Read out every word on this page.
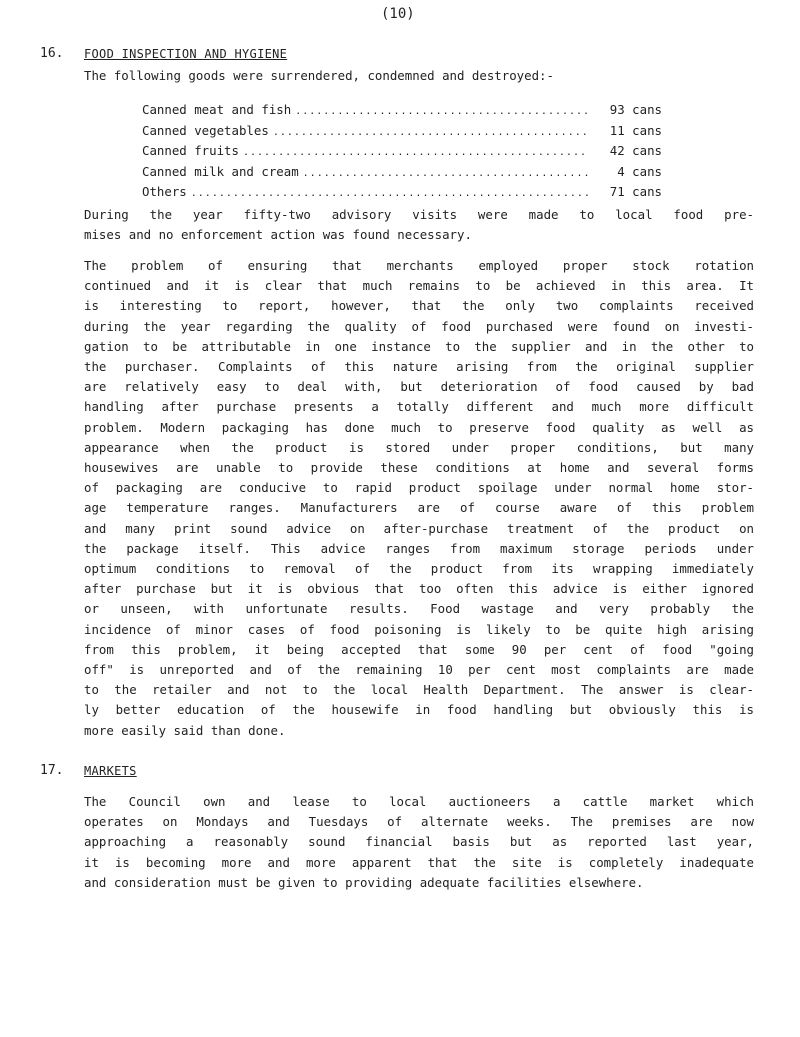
(10)
16. FOOD INSPECTION AND HYGIENE

The following goods were surrendered, condemned and destroyed:-

Canned meat and fish .....	93 cans
Canned vegetables .....	11 cans
Canned fruits .....	42 cans
Canned milk and cream .....	4 cans
Others .....	71 cans
During the year fifty-two advisory visits were made to local food pre-
mises and no enforcement action was found necessary.
The problem of ensuring that merchants employed proper stock rotation
continued and it is clear that much remains to be achieved in this area. It
is interesting to report, however, that the only two complaints received
during the year regarding the quality of food purchased were found on investi-
gation to be attributable in one instance to the supplier and in the other to
the purchaser. Complaints of this nature arising from the original supplier
are relatively easy to deal with, but deterioration of food caused by bad
handling after purchase presents a totally different and much more difficult
problem. Modern packaging has done much to preserve food quality as well as
appearance when the product is stored under proper conditions, but many
housewives are unable to provide these conditions at home and several forms
of packaging are conducive to rapid product spoilage under normal home stor-
age temperature ranges. Manufacturers are of course aware of this problem
and many print sound advice on after-purchase treatment of the product on
the package itself. This advice ranges from maximum storage periods under
optimum conditions to removal of the product from its wrapping immediately
after purchase but it is obvious that too often this advice is either ignored
or unseen, with unfortunate results. Food wastage and very probably the
incidence of minor cases of food poisoning is likely to be quite high arising
from this problem, it being accepted that some 90 per cent of food "going
off" is unreported and of the remaining 10 per cent most complaints are made
to the retailer and not to the local Health Department. The answer is clear-
ly better education of the housewife in food handling but obviously this is
more easily said than done.
17. MARKETS
The Council own and lease to local auctioneers a cattle market which
operates on Mondays and Tuesdays of alternate weeks. The premises are now
approaching a reasonably sound financial basis but as reported last year,
it is becoming more and more apparent that the site is completely inadequate
and consideration must be given to providing adequate facilities elsewhere.
